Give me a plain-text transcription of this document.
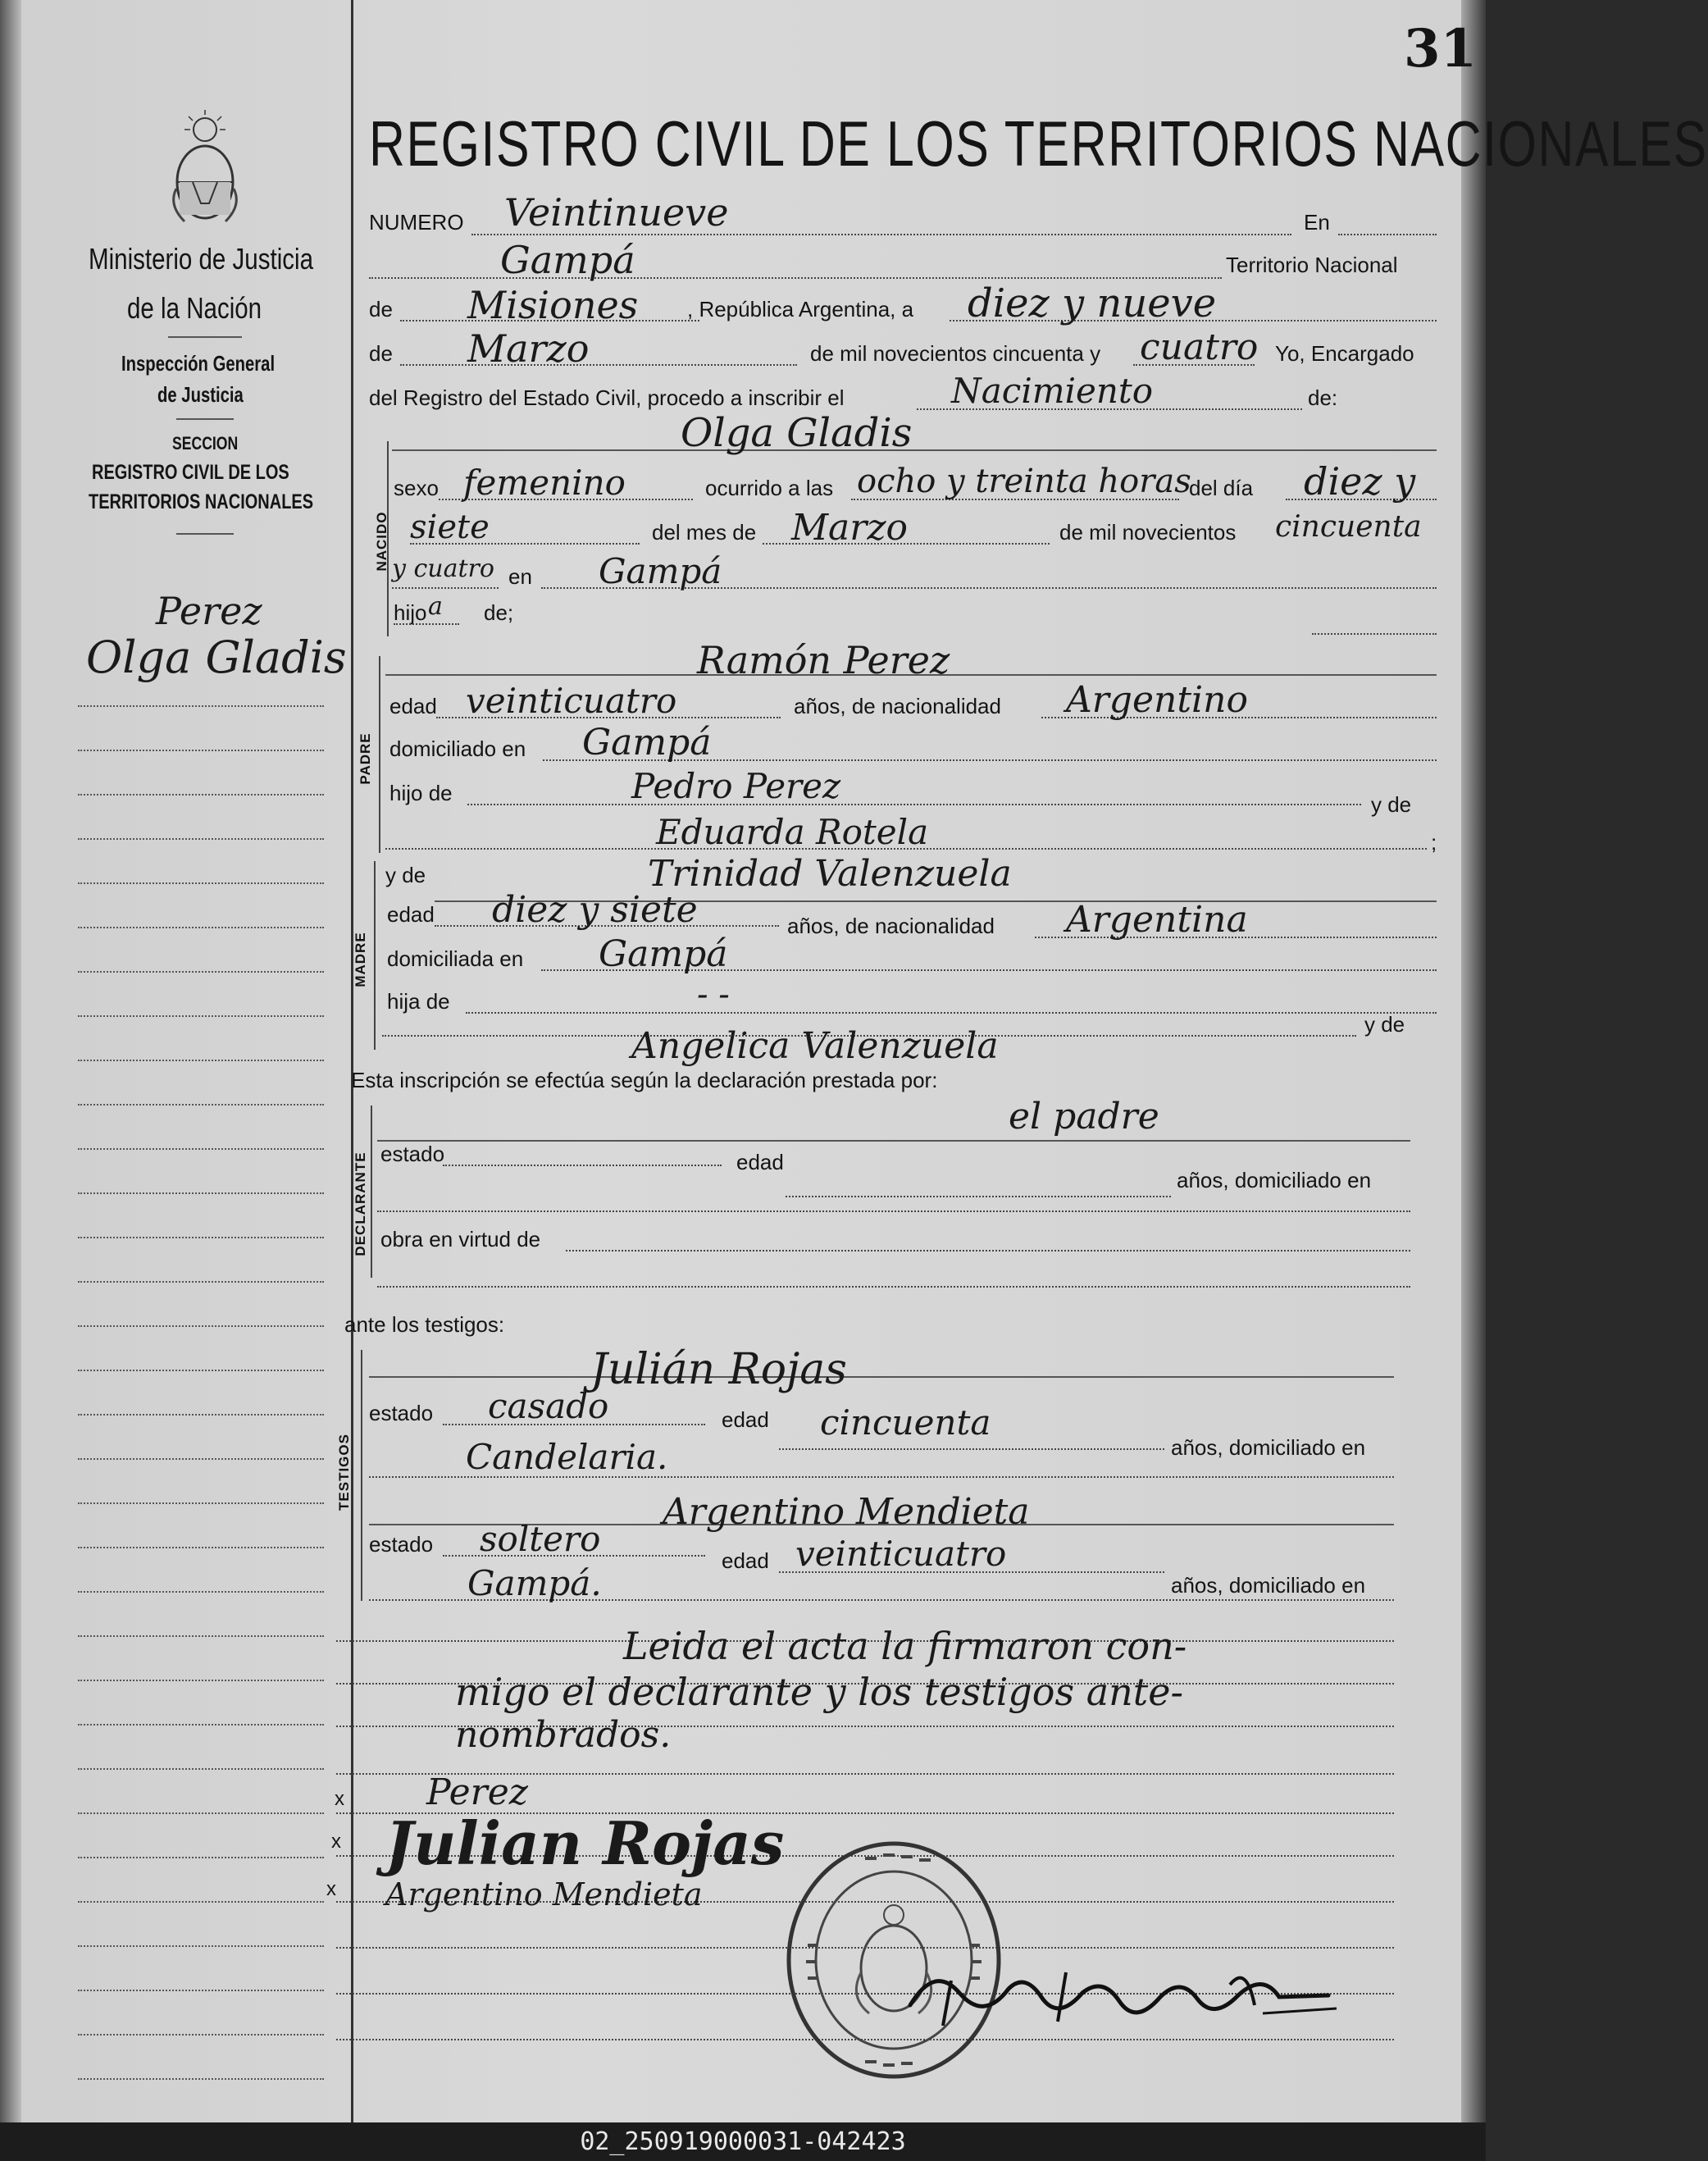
31
Ministerio de Justicia
de la Nación
Inspección General
de Justicia
SECCION
REGISTRO CIVIL DE LOS
TERRITORIOS NACIONALES
Perez
Olga Gladis
REGISTRO CIVIL DE LOS TERRITORIOS NACIONALES
NUMERO Veintinueve	En
Gampá	Territorio Nacional
de Misiones , República Argentina, a diez y nueve
de Marzo	de mil novecientos cincuenta y cuatro Yo, Encargado
del Registro del Estado Civil, procedo a inscribir el	Nacimiento	de:
NACIDO
Olga Gladis
sexo femenino	ocurrido a las ocho y treinta horas
del día diez y
siete	del mes de Marzo	de mil novecientos cincuenta
y cuatro en Gampá
hijo a de;
PADRE
Ramón Perez
edad veinticuatro	años, de nacionalidad Argentino
domiciliado en Gampá
hijo de	Pedro Perez	y de
Eduarda Rotela	;
MADRE
y de	Trinidad Valenzuela
edad diez y siete	años, de nacionalidad Argentina
domiciliada en Gampá
hija de	- -
y de
Angelica Valenzuela
Esta inscripción se efectúa según la declaración prestada por:
DECLARANTE
el padre
estado	edad
años, domiciliado en
obra en virtud de
ante los testigos:
TESTIGOS
Julián Rojas
estado casado	edad cincuenta
años, domiciliado en
Candelaria.
Argentino Mendieta
estado soltero
edad veinticuatro
años, domiciliado en
Gampá.
Leida el acta la firmaron con-
migo el declarante y los testigos ante-
nombrados.
x Perez
x Julian Rojas
x Argentino Mendieta
02_250919000031-042423
